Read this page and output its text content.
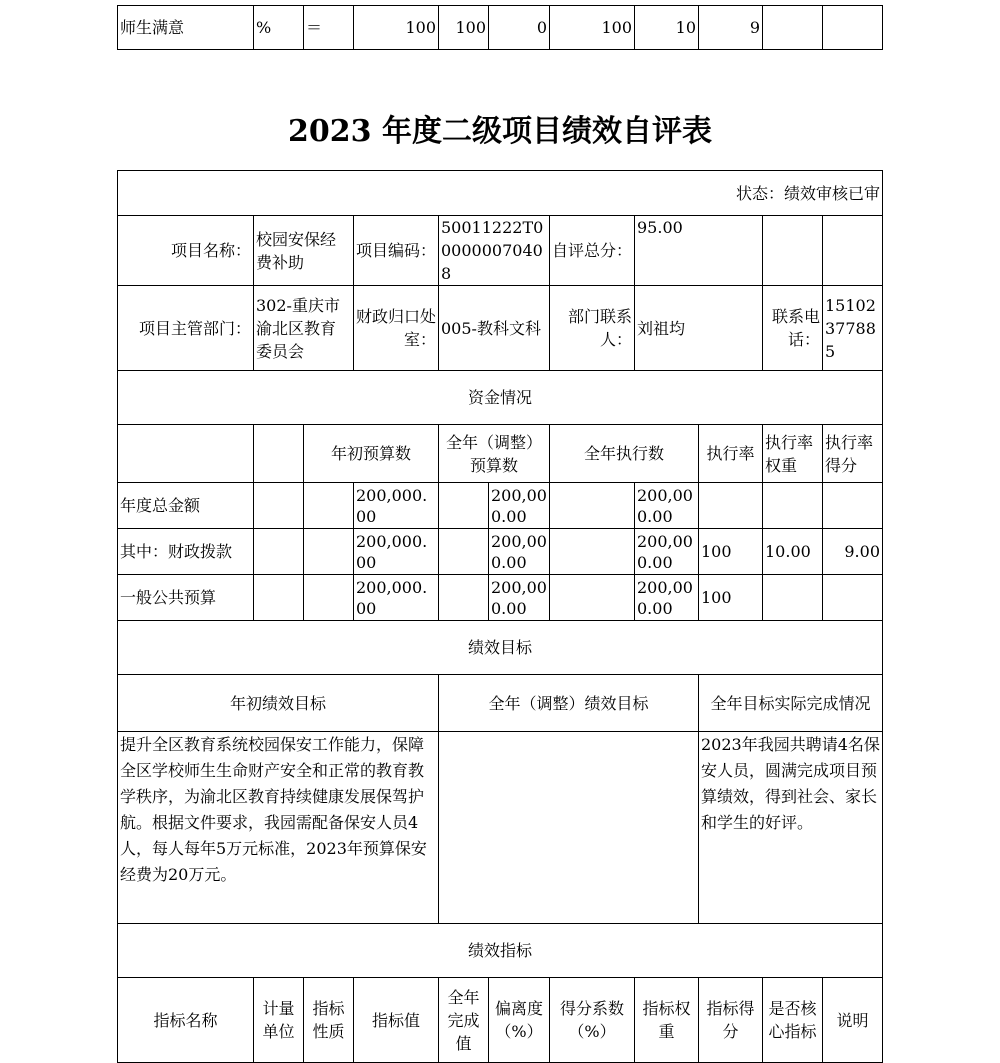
师生满意	%	＝	100	100	0	100	10	9		
2023 年度二级项目绩效自评表
状态：绩效审核已审										
项目名称：	校园安保经费补助		项目编码：	50011222T000000070408		自评总分：	95.00			
项目主管部门：	302-重庆市渝北区教育委员会		财政归口处室：	005-教科文科		部门联系人：	刘祖均		联系电话：	15102377885
资金情况										
		年初预算数		全年（调整）预算数		全年执行数		执行率	执行率权重	执行率得分
年度总金额			200,000.00		200,000.00		200,000.00			
其中：财政拨款			200,000.00		200,000.00		200,000.00	100	10.00	9.00
一般公共预算			200,000.00		200,000.00		200,000.00	100		
绩效目标										
年初绩效目标				全年（调整）绩效目标				全年目标实际完成情况		
提升全区教育系统校园保安工作能力，保障全区学校师生生命财产安全和正常的教育教学秩序，为渝北区教育持续健康发展保驾护航。根据文件要求，我园需配备保安人员4人，每人每年5万元标准，2023年预算保安经费为20万元。								2023年我园共聘请4名保安人员，圆满完成项目预算绩效，得到社会、家长和学生的好评。		
绩效指标										
指标名称	计量单位	指标性质	指标值	全年完成值	偏离度（%）	得分系数（%）	指标权重	指标得分	是否核心指标	说明
